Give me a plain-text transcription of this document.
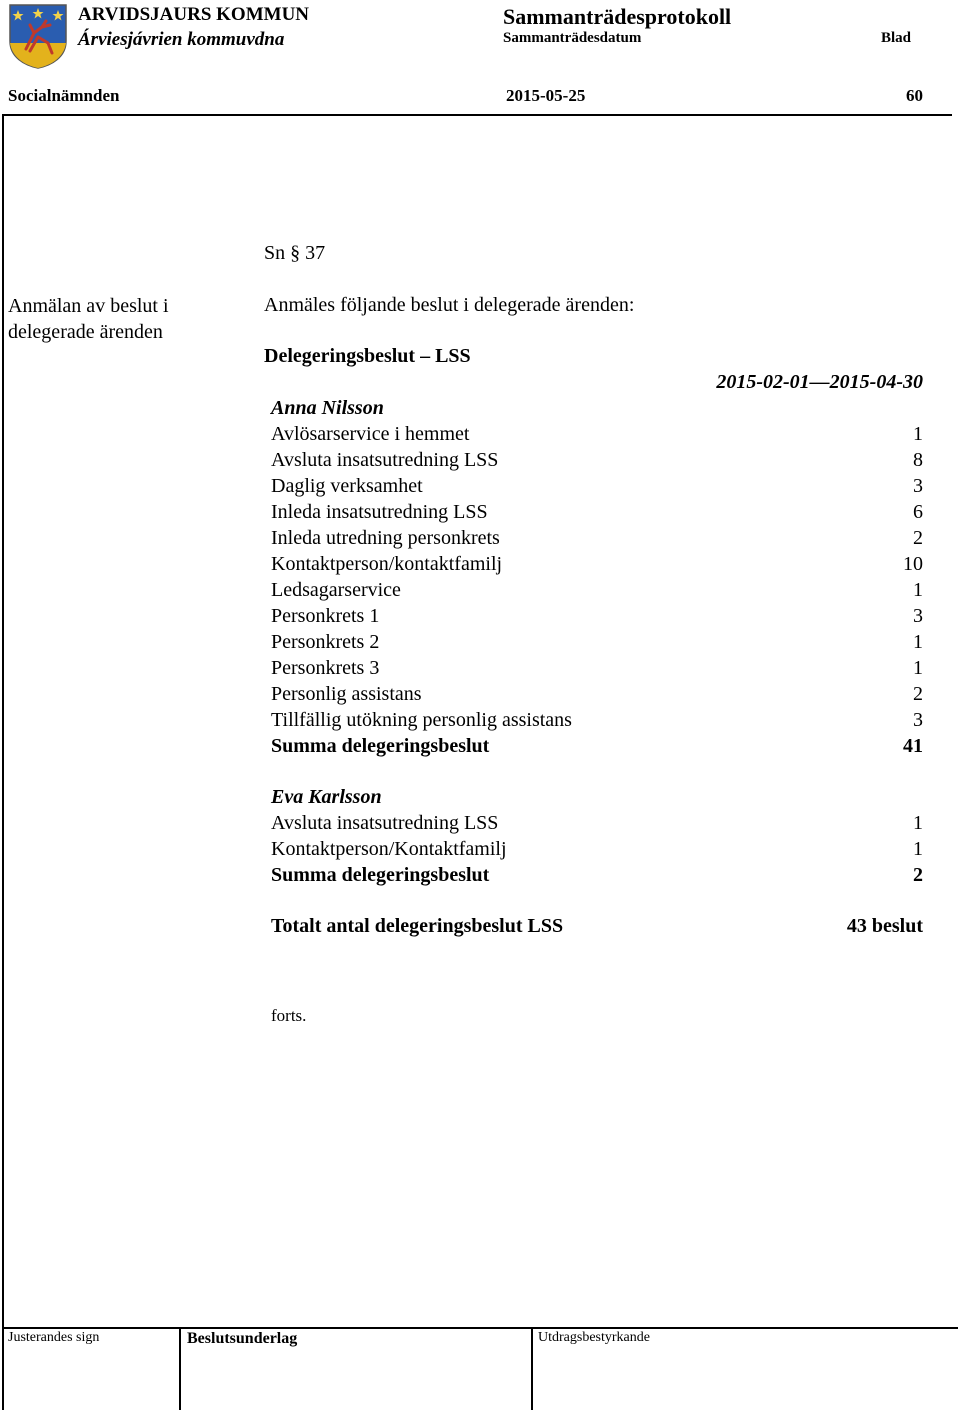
ARVIDSJAURS KOMMUN
Árviesjávrien kommuvdna
Sammanträdesprotokoll
Sammanträdesdatum	Blad
Socialnämnden	2015-05-25	60
Sn § 37
Anmälan av beslut i delegerade ärenden
Anmäles följande beslut i delegerade ärenden:
Delegeringsbeslut – LSS
2015-02-01—2015-04-30
Anna Nilsson
Avlösarservice i hemmet	1
Avsluta insatsutredning LSS	8
Daglig verksamhet	3
Inleda insatsutredning LSS	6
Inleda utredning personkrets	2
Kontaktperson/kontaktfamilj	10
Ledsagarservice	1
Personkrets 1	3
Personkrets 2	1
Personkrets 3	1
Personlig assistans	2
Tillfällig utökning personlig assistans	3
Summa delegeringsbeslut	41
Eva Karlsson
Avsluta insatsutredning LSS	1
Kontaktperson/Kontaktfamilj	1
Summa delegeringsbeslut	2
Totalt antal delegeringsbeslut LSS	43 beslut
forts.
Justerandes sign	Beslutsunderlag	Utdragsbestyrkande
